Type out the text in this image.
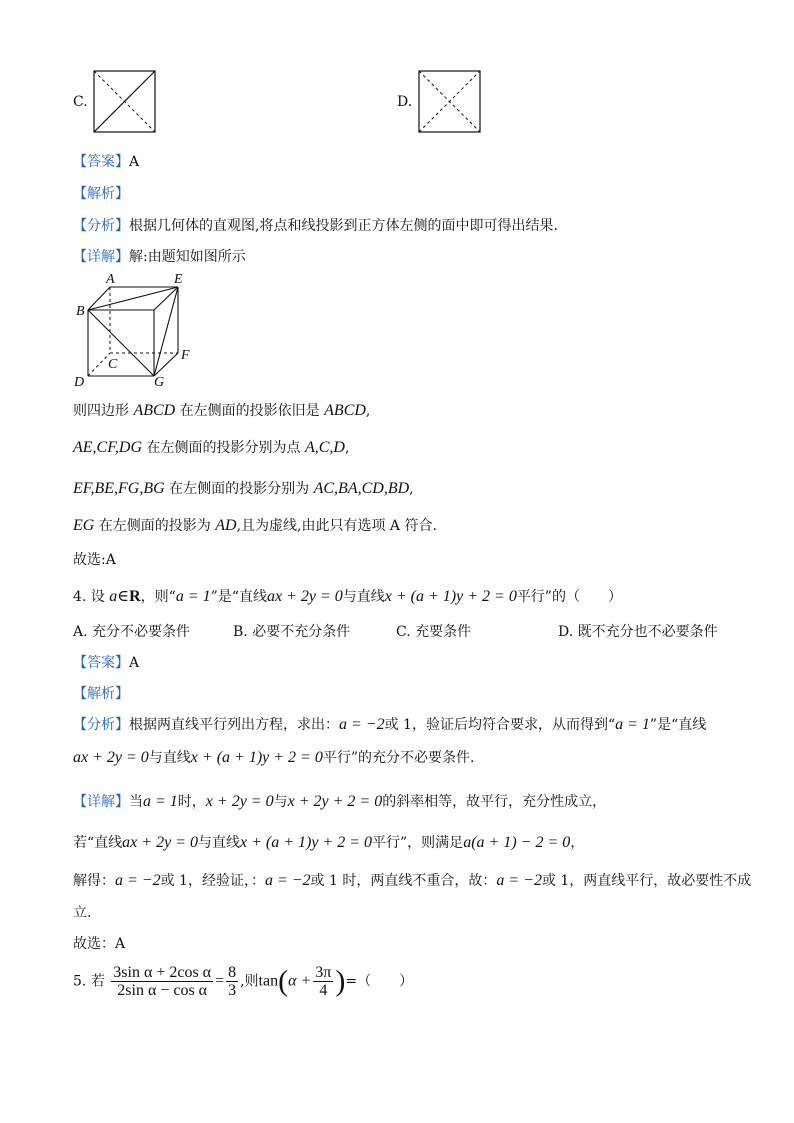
C.	D.
【答案】A
【解析】
【分析】根据几何体的直观图,将点和线投影到正方体左侧的面中即可得出结果.
【详解】解:由题知如图所示
A	E
B
F
C
D	G
则四边形 ABCD 在左侧面的投影依旧是 ABCD,
AE,CF,DG 在左侧面的投影分别为点 A,C,D,
EF,BE,FG,BG 在左侧面的投影分别为 AC,BA,CD,BD,
EG 在左侧面的投影为 AD,且为虚线,由此只有选项 A 符合.
故选:A
4. 设 a∈R，则“a = 1”是“直线ax + 2y = 0与直线x + (a + 1)y + 2 = 0平行”的（　　）
A. 充分不必要条件	B. 必要不充分条件	C. 充要条件	D. 既不充分也不必要条件
【答案】A
【解析】
【分析】根据两直线平行列出方程，求出：a = −2或 1，验证后均符合要求，从而得到“a = 1”是“直线
ax + 2y = 0与直线x + (a + 1)y + 2 = 0平行”的充分不必要条件.
【详解】当a = 1时，x + 2y = 0与x + 2y + 2 = 0的斜率相等，故平行，充分性成立，
若“直线ax + 2y = 0与直线x + (a + 1)y + 2 = 0平行”，则满足a(a + 1) − 2 = 0，
解得：a = −2或 1，经验证，：a = −2或 1 时，两直线不重合，故：a = −2或 1，两直线平行，故必要性不成
立.
故选：A
5. 若 $\frac{\text{3sin α + 2cos α}}{\text{2sin α − cos α}} = \frac{8}{3}$ ,则$\tan(\alpha + \frac{3\pi}{4}$ )=（　　）
